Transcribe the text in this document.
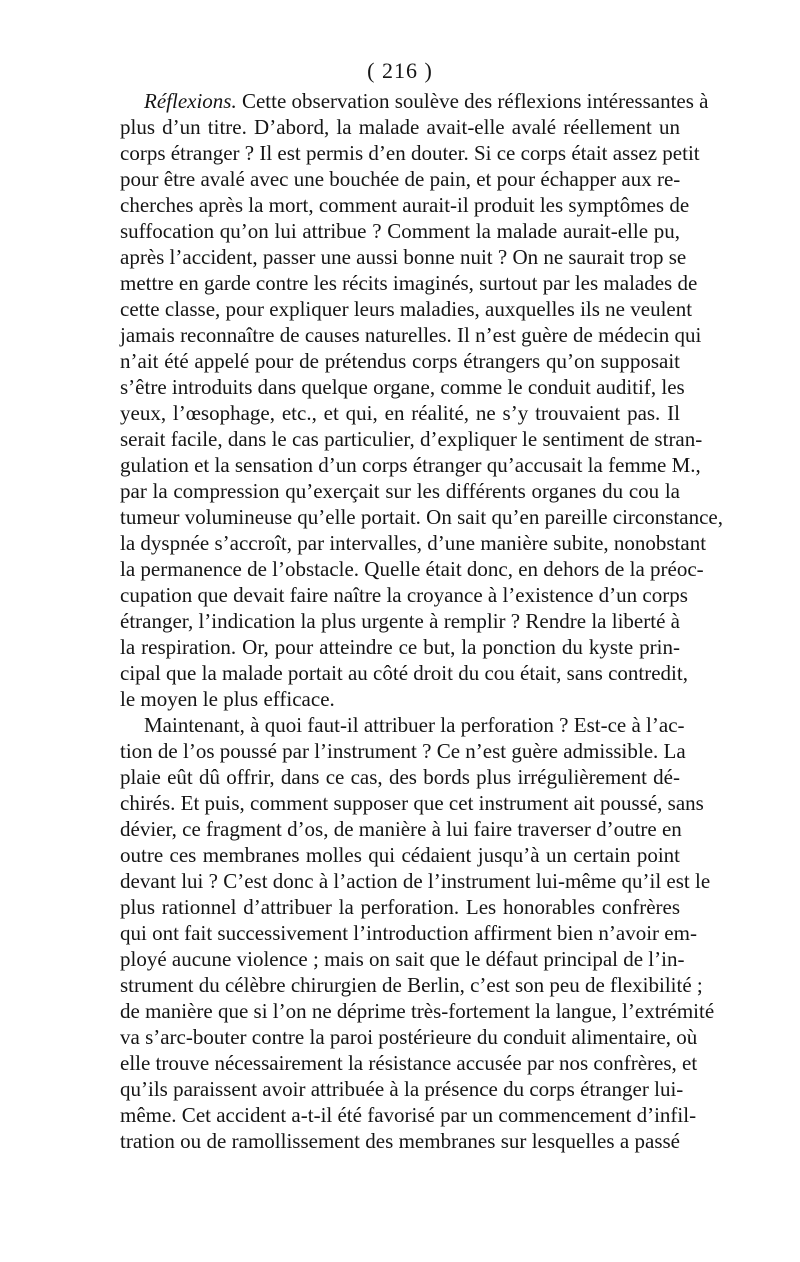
( 216 )
Réflexions. Cette observation soulève des réflexions intéressantes à
plus d’un titre. D’abord, la malade avait-elle avalé réellement un
corps étranger ? Il est permis d’en douter. Si ce corps était assez petit
pour être avalé avec une bouchée de pain, et pour échapper aux re-
cherches après la mort, comment aurait-il produit les symptômes de
suffocation qu’on lui attribue ? Comment la malade aurait-elle pu,
après l’accident, passer une aussi bonne nuit ? On ne saurait trop se
mettre en garde contre les récits imaginés, surtout par les malades de
cette classe, pour expliquer leurs maladies, auxquelles ils ne veulent
jamais reconnaître de causes naturelles. Il n’est guère de médecin qui
n’ait été appelé pour de prétendus corps étrangers qu’on supposait
s’être introduits dans quelque organe, comme le conduit auditif, les
yeux, l’œsophage, etc., et qui, en réalité, ne s’y trouvaient pas. Il
serait facile, dans le cas particulier, d’expliquer le sentiment de stran-
gulation et la sensation d’un corps étranger qu’accusait la femme M.,
par la compression qu’exerçait sur les différents organes du cou la
tumeur volumineuse qu’elle portait. On sait qu’en pareille circonstance,
la dyspnée s’accroît, par intervalles, d’une manière subite, nonobstant
la permanence de l’obstacle. Quelle était donc, en dehors de la préoc-
cupation que devait faire naître la croyance à l’existence d’un corps
étranger, l’indication la plus urgente à remplir ? Rendre la liberté à
la respiration. Or, pour atteindre ce but, la ponction du kyste prin-
cipal que la malade portait au côté droit du cou était, sans contredit,
le moyen le plus efficace.
Maintenant, à quoi faut-il attribuer la perforation ? Est-ce à l’ac-
tion de l’os poussé par l’instrument ? Ce n’est guère admissible. La
plaie eût dû offrir, dans ce cas, des bords plus irrégulièrement dé-
chirés. Et puis, comment supposer que cet instrument ait poussé, sans
dévier, ce fragment d’os, de manière à lui faire traverser d’outre en
outre ces membranes molles qui cédaient jusqu’à un certain point
devant lui ? C’est donc à l’action de l’instrument lui-même qu’il est le
plus rationnel d’attribuer la perforation. Les honorables confrères
qui ont fait successivement l’introduction affirment bien n’avoir em-
ployé aucune violence ; mais on sait que le défaut principal de l’in-
strument du célèbre chirurgien de Berlin, c’est son peu de flexibilité ;
de manière que si l’on ne déprime très-fortement la langue, l’extrémité
va s’arc-bouter contre la paroi postérieure du conduit alimentaire, où
elle trouve nécessairement la résistance accusée par nos confrères, et
qu’ils paraissent avoir attribuée à la présence du corps étranger lui-
même. Cet accident a-t-il été favorisé par un commencement d’infil-
tration ou de ramollissement des membranes sur lesquelles a passé
